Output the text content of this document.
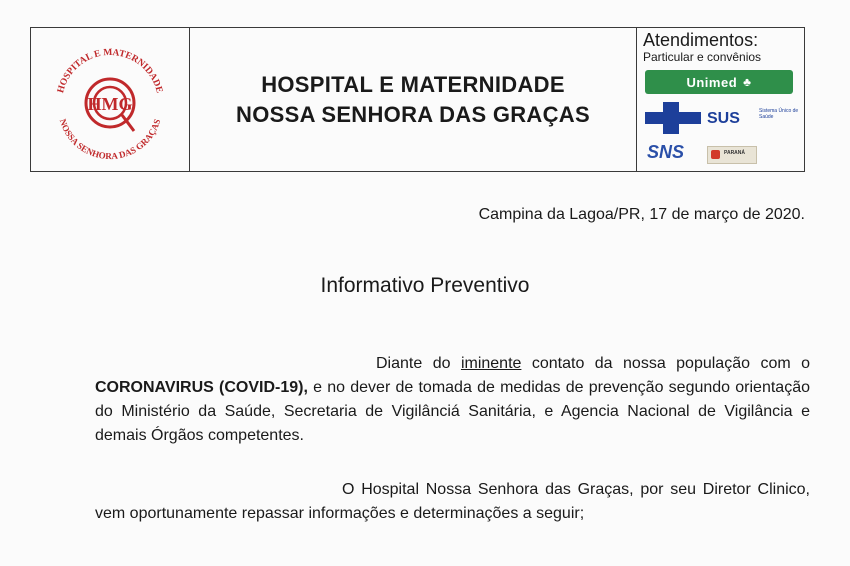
HOSPITAL E MATERNIDADE
NOSSA SENHORA DAS GRAÇAS
HMG
HOSPITAL E MATERNIDADE
NOSSA SENHORA DAS GRAÇAS
Atendimentos:
Particular e convênios
Unimed ♣
SUS	Sistema Único de Saúde
SNS	PARANÁ
Campina da Lagoa/PR, 17 de março de 2020.
Informativo Preventivo
Diante do iminente contato da nossa população com o CORONAVIRUS (COVID-19), e no dever de tomada de medidas de prevenção segundo orientação do Ministério da Saúde, Secretaria de Vigilânciá Sanitária, e Agencia Nacional de Vigilância e demais Órgãos competentes.
O Hospital Nossa Senhora das Graças, por seu Diretor Clinico, vem oportunamente repassar informações e determinações a seguir;
